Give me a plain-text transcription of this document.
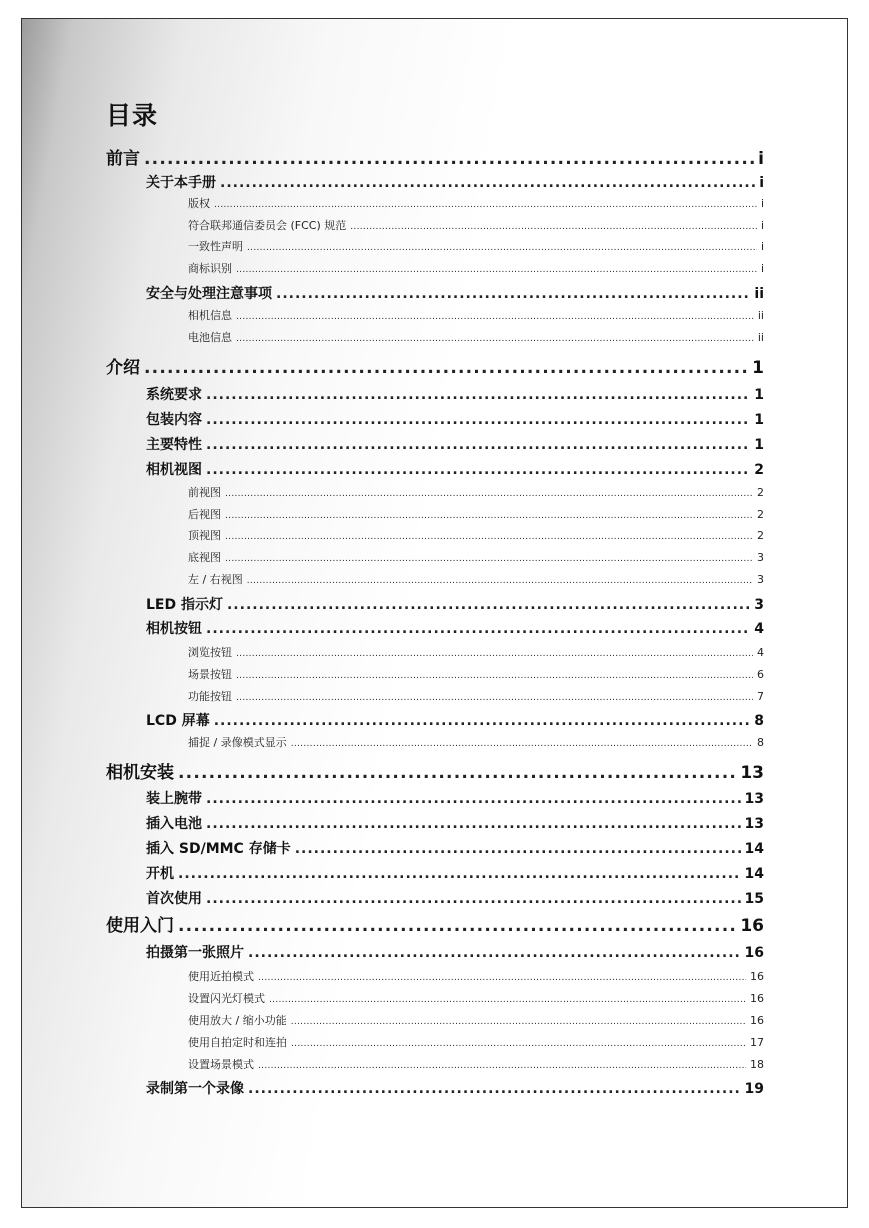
目录
前言 .....	i
关于本手册 .....	i
版权 .....	i
符合联邦通信委员会 (FCC) 规范 .....	i
一致性声明 .....	i
商标识别 .....	i
安全与处理注意事项 .....	ii
相机信息 .....	ii
电池信息 .....	ii
介绍 .....	1
系统要求 .....	1
包装内容 .....	1
主要特性 .....	1
相机视图 .....	2
前视图 .....	2
后视图 .....	2
顶视图 .....	2
底视图 .....	3
左 / 右视图 .....	3
LED 指示灯 .....	3
相机按钮 .....	4
浏览按钮 .....	4
场景按钮 .....	6
功能按钮 .....	7
LCD 屏幕 .....	8
捕捉 / 录像模式显示 .....	8
相机安装 .....	13
装上腕带 .....	13
插入电池 .....	13
插入 SD/MMC 存储卡 .....	14
开机 .....	14
首次使用 .....	15
使用入门 .....	16
拍摄第一张照片 .....	16
使用近拍模式 .....	16
设置闪光灯模式 .....	16
使用放大 / 缩小功能 .....	16
使用自拍定时和连拍 .....	17
设置场景模式 .....	18
录制第一个录像 .....	19
